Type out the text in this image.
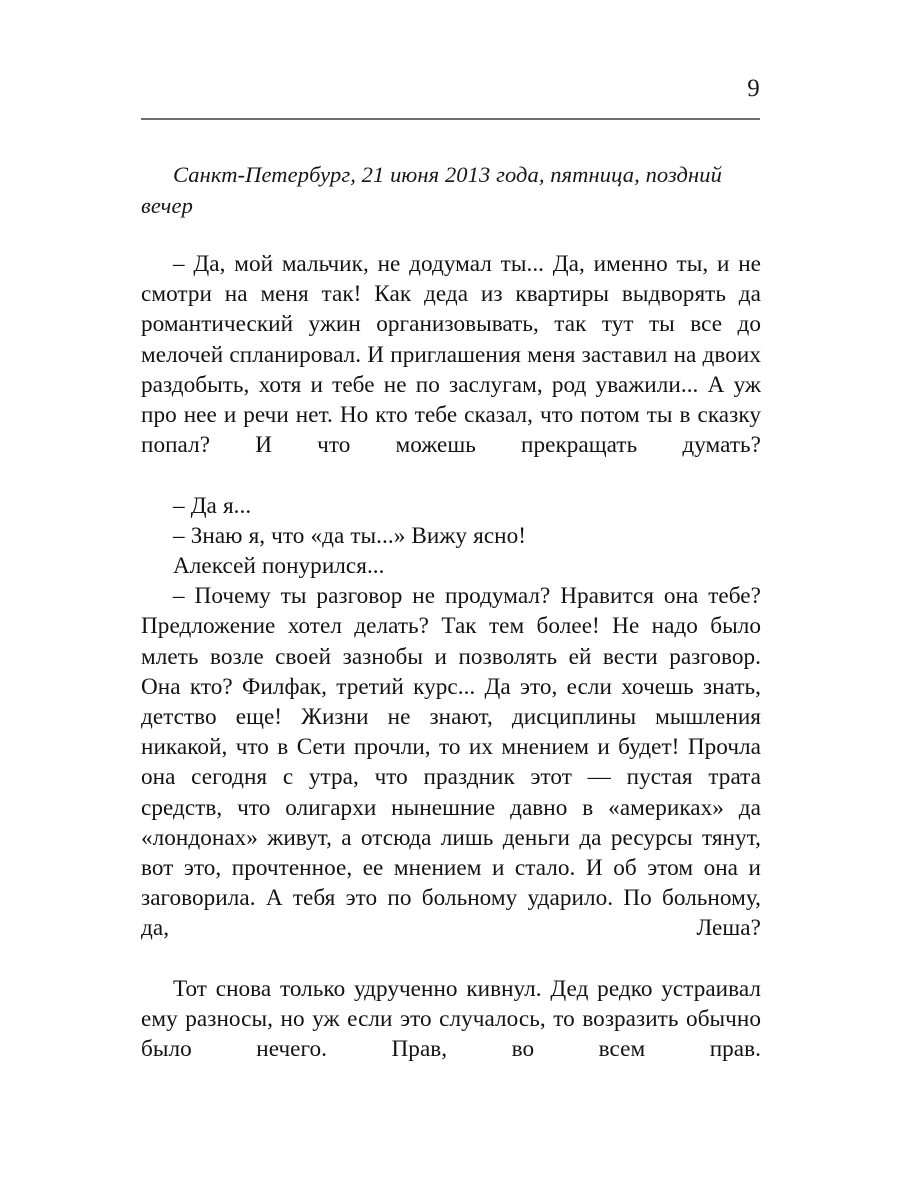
9

Санкт-Петербург, 21 июня 2013 года, пятница, поздний вечер

– Да, мой мальчик, не додумал ты... Да, именно ты, и не смотри на меня так! Как деда из квартиры выдворять да романтический ужин организовывать, так тут ты все до мелочей спланировал. И приглашения меня заставил на двоих раздобыть, хотя и тебе не по заслугам, род уважили... А уж про нее и речи нет. Но кто тебе сказал, что потом ты в сказку попал? И что можешь прекращать думать?

– Да я...

– Знаю я, что «да ты...» Вижу ясно!

Алексей понурился...

– Почему ты разговор не продумал? Нравится она тебе? Предложение хотел делать? Так тем более! Не надо было млеть возле своей зазнобы и позволять ей вести разговор. Она кто? Филфак, третий курс... Да это, если хочешь знать, детство еще! Жизни не знают, дисциплины мышления никакой, что в Сети прочли, то их мнением и будет! Прочла она сегодня с утра, что праздник этот — пустая трата средств, что олигархи нынешние давно в «америках» да «лондонах» живут, а отсюда лишь деньги да ресурсы тянут, вот это, прочтенное, ее мнением и стало. И об этом она и заговорила. А тебя это по больному ударило. По больному, да, Леша?

Тот снова только удрученно кивнул. Дед редко устраивал ему разносы, но уж если это случалось, то возразить обычно было нечего. Прав, во всем прав.
